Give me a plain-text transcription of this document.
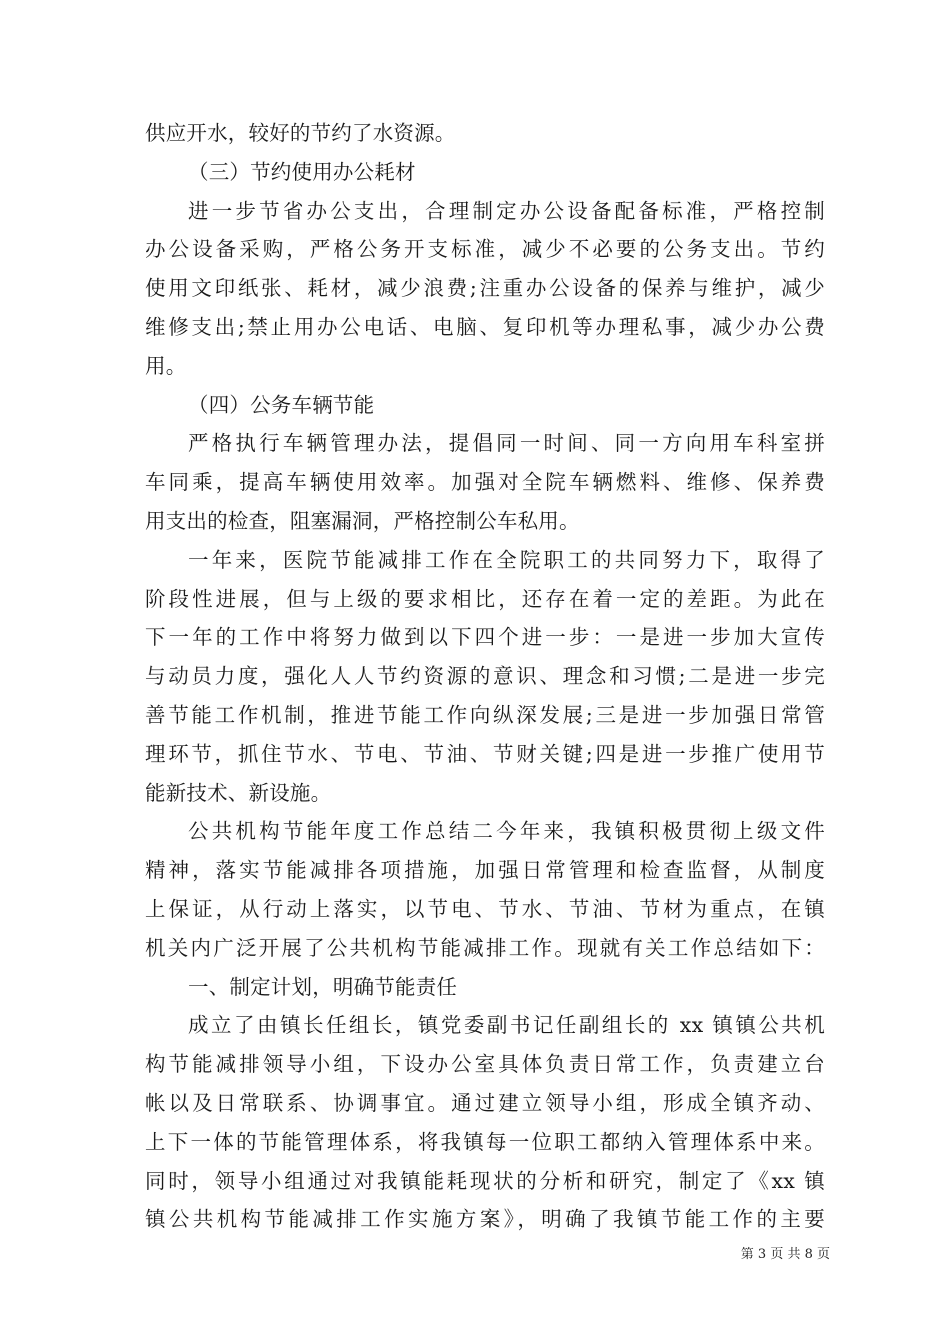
供应开水，较好的节约了水资源。
（三）节约使用办公耗材
进一步节省办公支出，合理制定办公设备配备标准，严格控制
办公设备采购，严格公务开支标准，减少不必要的公务支出。节约
使用文印纸张、耗材，减少浪费;注重办公设备的保养与维护，减少
维修支出;禁止用办公电话、电脑、复印机等办理私事，减少办公费
用。
（四）公务车辆节能
严格执行车辆管理办法，提倡同一时间、同一方向用车科室拼
车同乘，提高车辆使用效率。加强对全院车辆燃料、维修、保养费
用支出的检查，阻塞漏洞，严格控制公车私用。
一年来，医院节能减排工作在全院职工的共同努力下，取得了
阶段性进展，但与上级的要求相比，还存在着一定的差距。为此在
下一年的工作中将努力做到以下四个进一步：一是进一步加大宣传
与动员力度，强化人人节约资源的意识、理念和习惯;二是进一步完
善节能工作机制，推进节能工作向纵深发展;三是进一步加强日常管
理环节，抓住节水、节电、节油、节财关键;四是进一步推广使用节
能新技术、新设施。
公共机构节能年度工作总结二今年来，我镇积极贯彻上级文件
精神，落实节能减排各项措施，加强日常管理和检查监督，从制度
上保证，从行动上落实，以节电、节水、节油、节材为重点，在镇
机关内广泛开展了公共机构节能减排工作。现就有关工作总结如下：
一、制定计划，明确节能责任
成立了由镇长任组长，镇党委副书记任副组长的 xx 镇镇公共机
构节能减排领导小组，下设办公室具体负责日常工作，负责建立台
帐以及日常联系、协调事宜。通过建立领导小组，形成全镇齐动、
上下一体的节能管理体系，将我镇每一位职工都纳入管理体系中来。
同时，领导小组通过对我镇能耗现状的分析和研究，制定了《xx 镇
镇公共机构节能减排工作实施方案》，明确了我镇节能工作的主要
第 3 页 共 8 页
